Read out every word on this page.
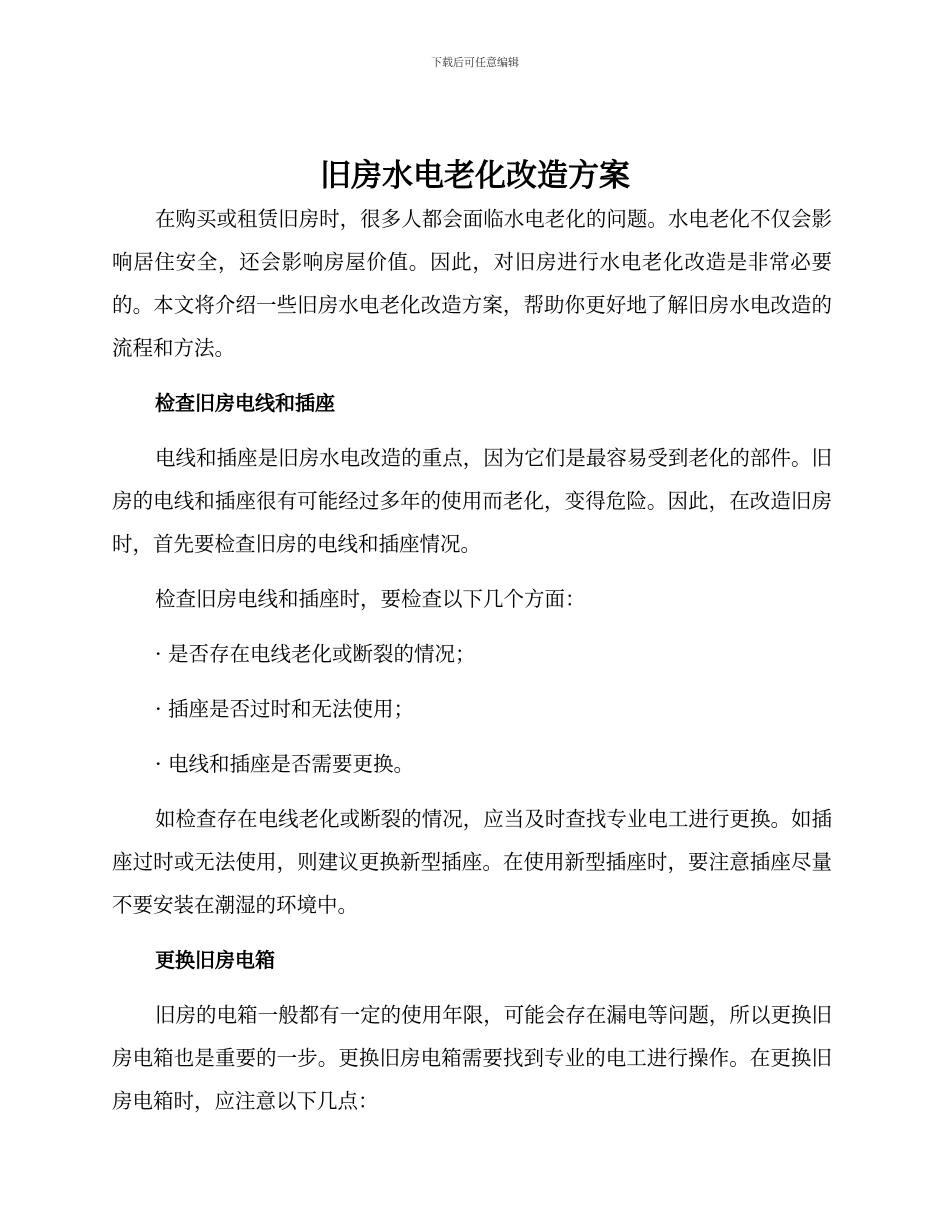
下载后可任意编辑
旧房水电老化改造方案

在购买或租赁旧房时，很多人都会面临水电老化的问题。水电老化不仅会影响居住安全，还会影响房屋价值。因此，对旧房进行水电老化改造是非常必要的。本文将介绍一些旧房水电老化改造方案，帮助你更好地了解旧房水电改造的流程和方法。

检查旧房电线和插座

电线和插座是旧房水电改造的重点，因为它们是最容易受到老化的部件。旧房的电线和插座很有可能经过多年的使用而老化，变得危险。因此，在改造旧房时，首先要检查旧房的电线和插座情况。

检查旧房电线和插座时，要检查以下几个方面：

· 是否存在电线老化或断裂的情况；

· 插座是否过时和无法使用；

· 电线和插座是否需要更换。

如检查存在电线老化或断裂的情况，应当及时查找专业电工进行更换。如插座过时或无法使用，则建议更换新型插座。在使用新型插座时，要注意插座尽量不要安装在潮湿的环境中。

更换旧房电箱

旧房的电箱一般都有一定的使用年限，可能会存在漏电等问题，所以更换旧房电箱也是重要的一步。更换旧房电箱需要找到专业的电工进行操作。在更换旧房电箱时，应注意以下几点：
